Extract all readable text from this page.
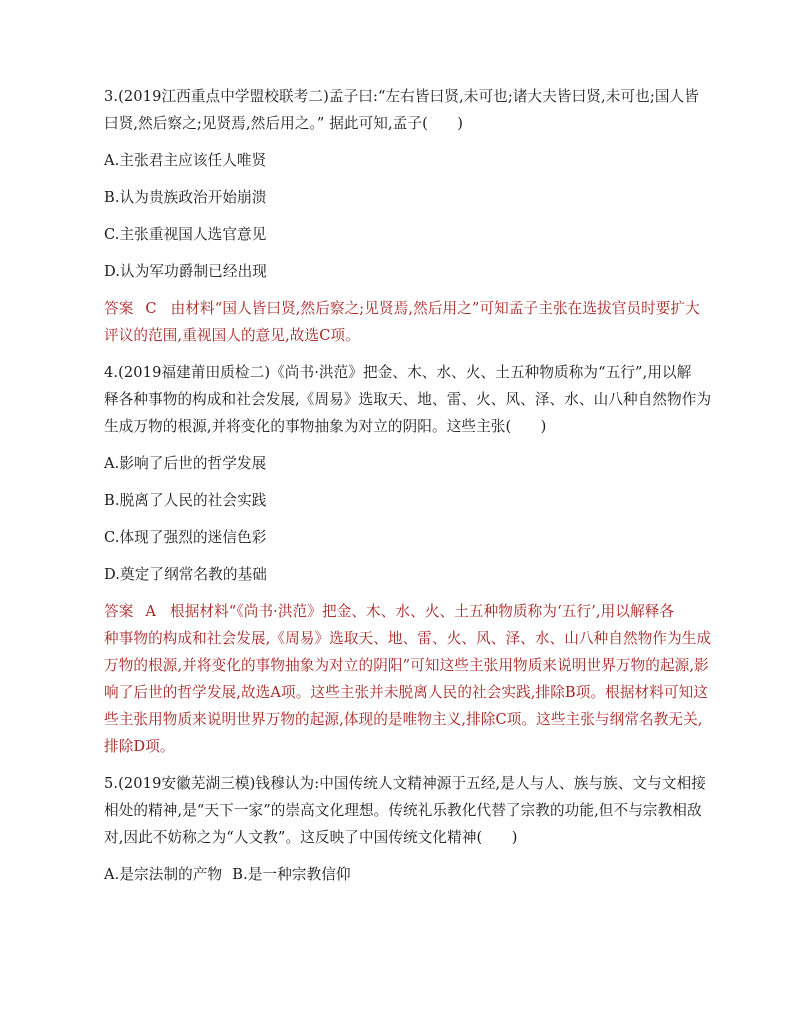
3.(2019江西重点中学盟校联考二)孟子曰:“左右皆曰贤,未可也;诸大夫皆曰贤,未可也;国人皆
曰贤,然后察之;见贤焉,然后用之。” 据此可知,孟子(　　)
A.主张君主应该任人唯贤
B.认为贵族政治开始崩溃
C.主张重视国人选官意见
D.认为军功爵制已经出现
答案 C 由材料“国人皆曰贤,然后察之;见贤焉,然后用之”可知孟子主张在选拔官员时要扩大
评议的范围,重视国人的意见,故选C项。
4.(2019福建莆田质检二)《尚书·洪范》把金、木、水、火、土五种物质称为“五行”,用以解
释各种事物的构成和社会发展,《周易》选取天、地、雷、火、风、泽、水、山八种自然物作为
生成万物的根源,并将变化的事物抽象为对立的阴阳。这些主张(　　)
A.影响了后世的哲学发展
B.脱离了人民的社会实践
C.体现了强烈的迷信色彩
D.奠定了纲常名教的基础
答案 A 根据材料“《尚书·洪范》把金、木、水、火、土五种物质称为‘五行’,用以解释各
种事物的构成和社会发展,《周易》选取天、地、雷、火、风、泽、水、山八种自然物作为生成
万物的根源,并将变化的事物抽象为对立的阴阳”可知这些主张用物质来说明世界万物的起源,影
响了后世的哲学发展,故选A项。这些主张并未脱离人民的社会实践,排除B项。根据材料可知这
些主张用物质来说明世界万物的起源,体现的是唯物主义,排除C项。这些主张与纲常名教无关,
排除D项。
5.(2019安徽芜湖三模)钱穆认为:中国传统人文精神源于五经,是人与人、族与族、文与文相接
相处的精神,是“天下一家”的崇高文化理想。传统礼乐教化代替了宗教的功能,但不与宗教相敌
对,因此不妨称之为“人文教”。这反映了中国传统文化精神(　　)
A.是宗法制的产物 B.是一种宗教信仰
